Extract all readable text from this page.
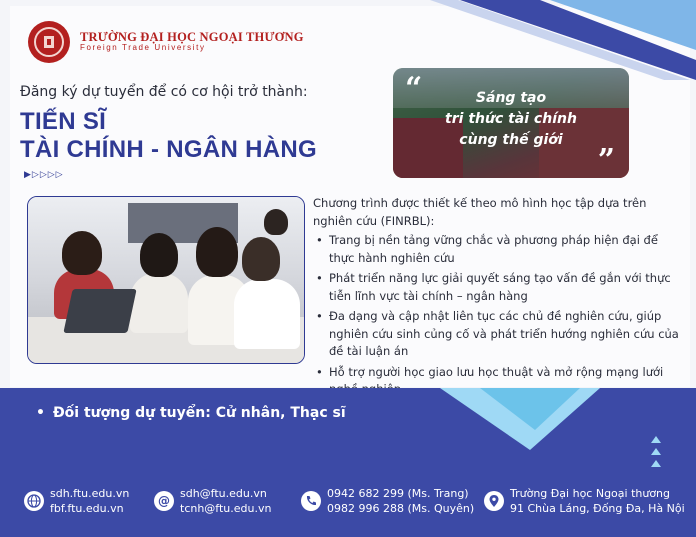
TRƯỜNG ĐẠI HỌC NGOẠI THƯƠNG
Foreign Trade University
Đăng ký dự tuyển để có cơ hội trở thành:
TIẾN SĨ
TÀI CHÍNH - NGÂN HÀNG
▶▷▷▷▷
“	Sáng tạo
tri thức tài chính
cùng thế giới
”
Chương trình được thiết kế theo mô hình học tập dựa trên nghiên cứu (FINRBL):
• Trang bị nền tảng vững chắc và phương pháp hiện đại để thực hành nghiên cứu
• Phát triển năng lực giải quyết sáng tạo vấn đề gắn với thực tiễn lĩnh vực tài chính – ngân hàng
• Đa dạng và cập nhật liên tục các chủ đề nghiên cứu, giúp nghiên cứu sinh củng cố và phát triển hướng nghiên cứu của đề tài luận án
• Hỗ trợ người học giao lưu học thuật và mở rộng mạng lưới
• Đối tượng dự tuyển: Cử nhân, Thạc sĩ
sdh.ftu.edu.vn
fbf.ftu.edu.vn
@
sdh@ftu.edu.vn
tcnh@ftu.edu.vn
0942 682 299 (Ms. Trang)
0982 996 288 (Ms. Quyên)
Trường Đại học Ngoại thương
91 Chùa Láng, Đống Đa, Hà Nội
